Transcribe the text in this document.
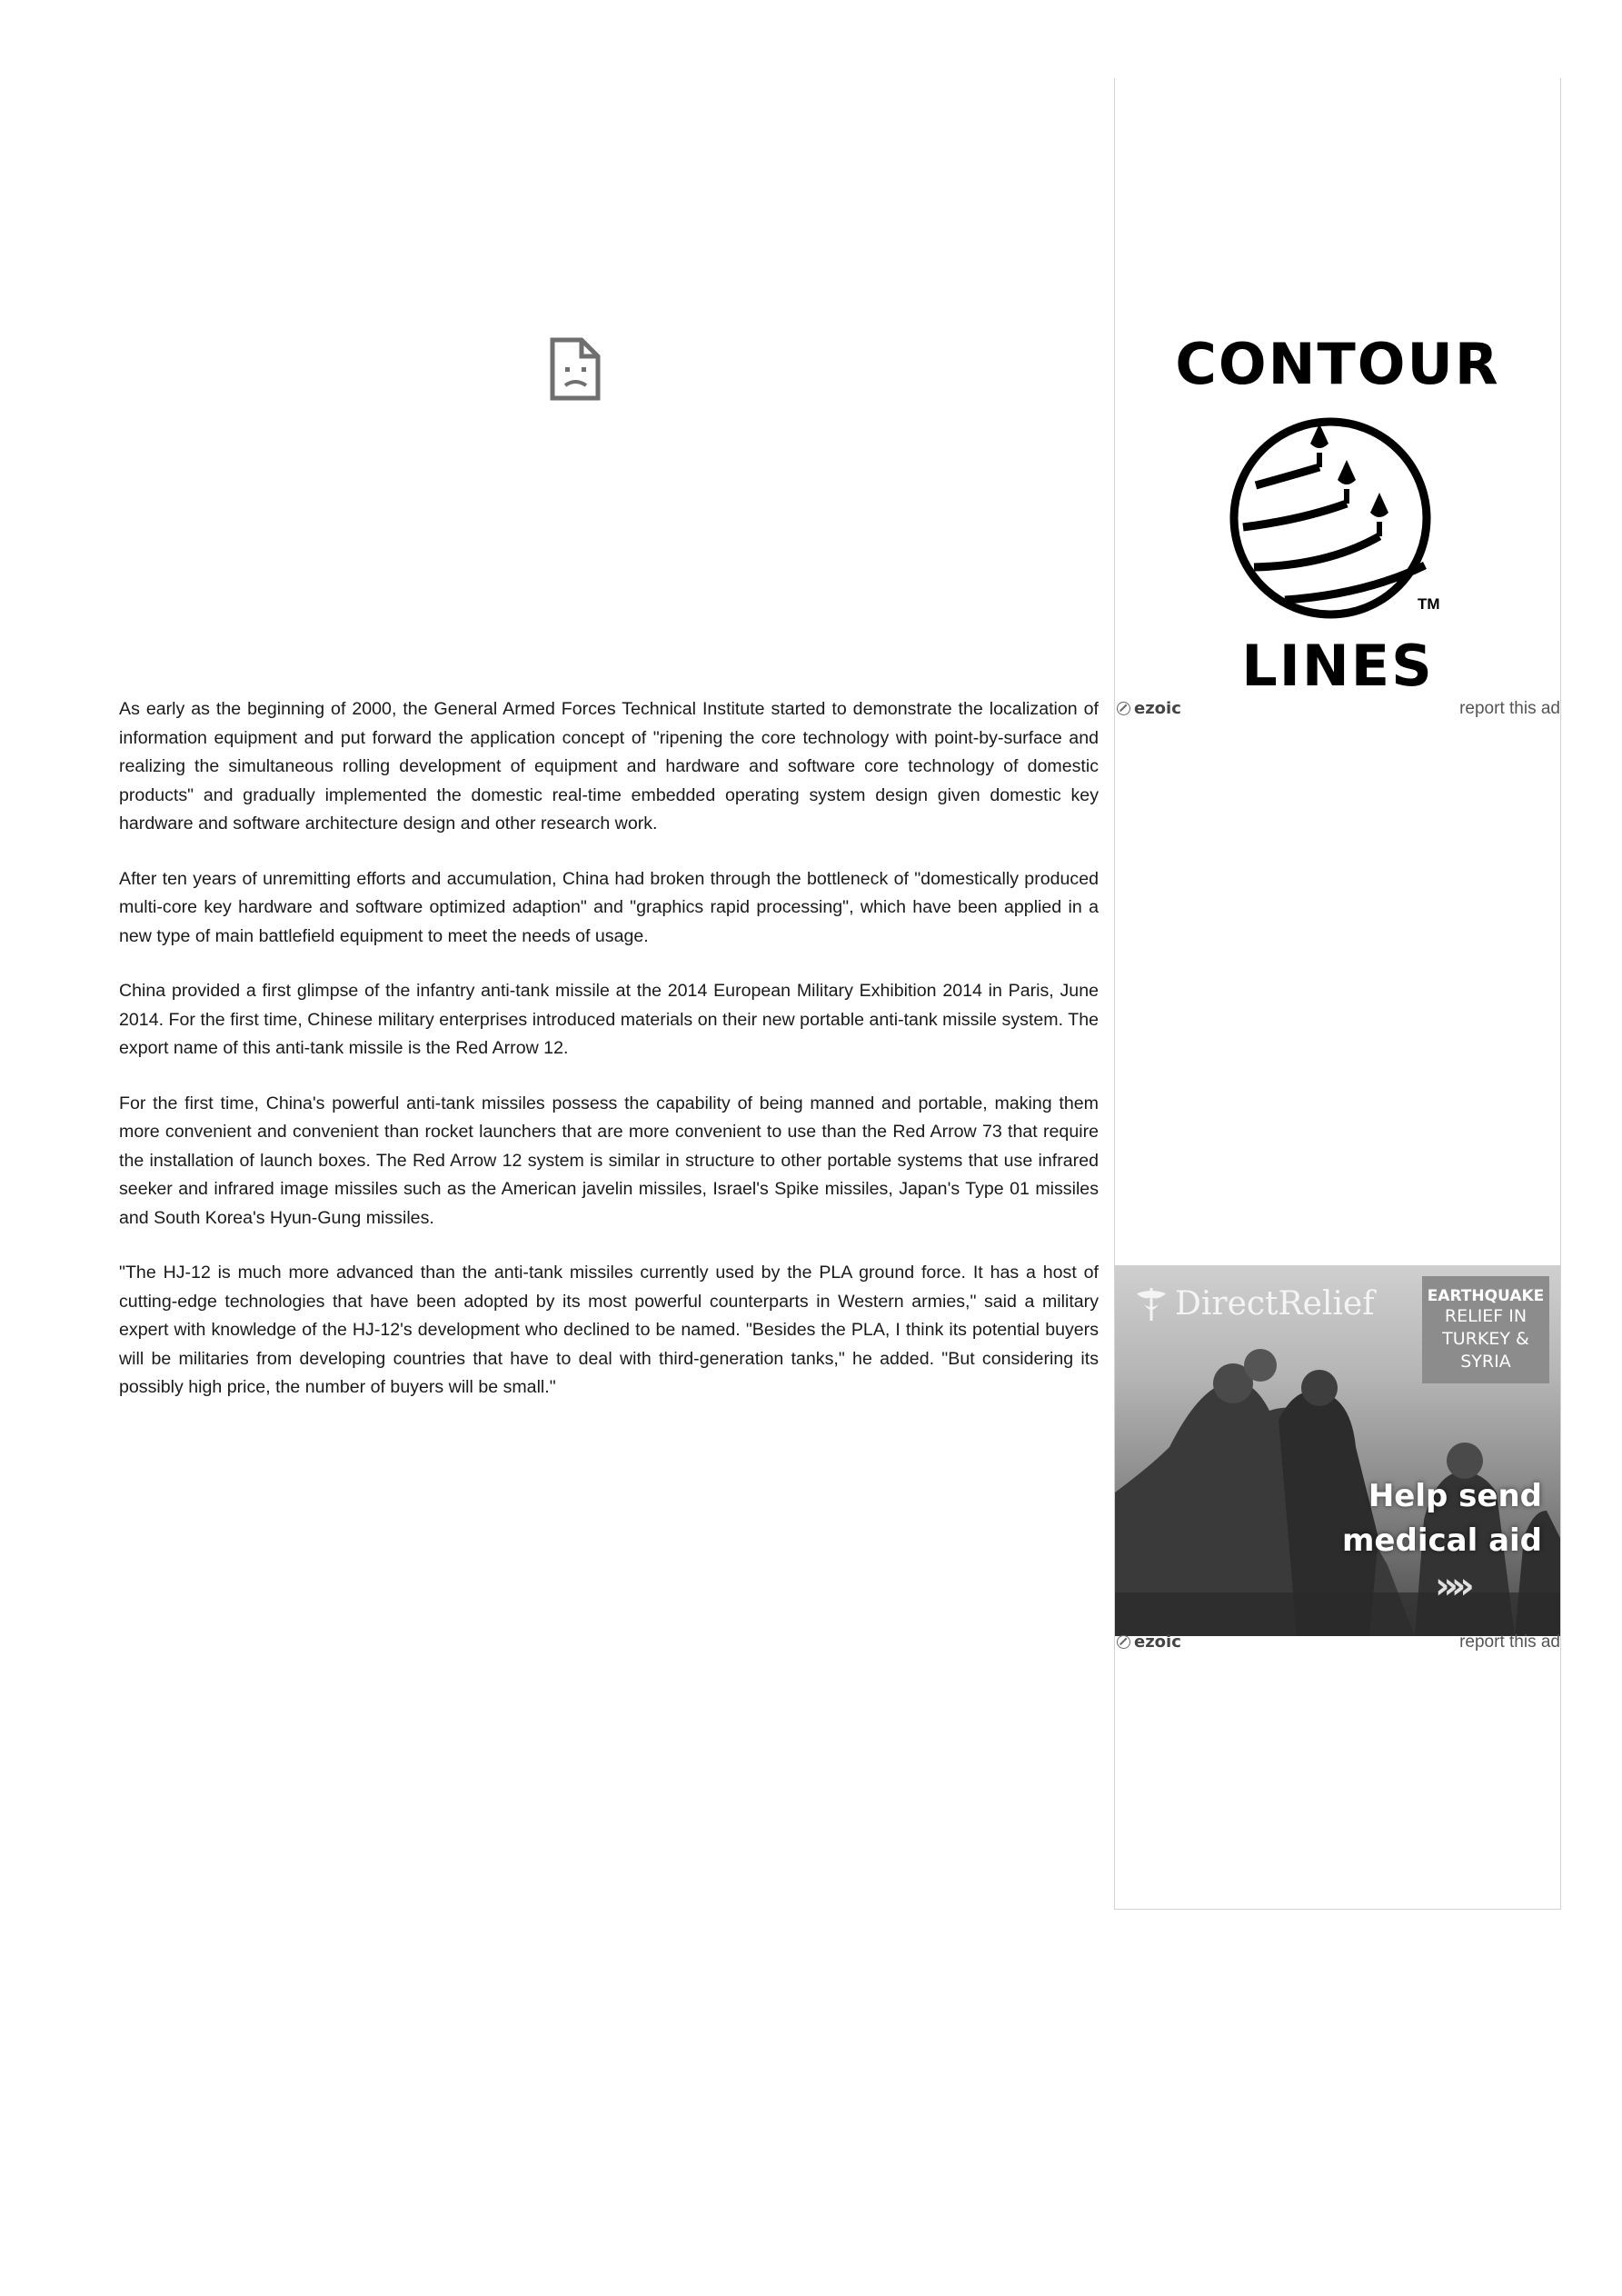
As early as the beginning of 2000, the General Armed Forces Technical Institute started to demonstrate the localization of information equipment and put forward the application concept of "ripening the core technology with point-by-surface and realizing the simultaneous rolling development of equipment and hardware and software core technology of domestic products" and gradually implemented the domestic real-time embedded operating system design given domestic key hardware and software architecture design and other research work.

After ten years of unremitting efforts and accumulation, China had broken through the bottleneck of "domestically produced multi-core key hardware and software optimized adaption" and "graphics rapid processing", which have been applied in a new type of main battlefield equipment to meet the needs of usage.

China provided a first glimpse of the infantry anti-tank missile at the 2014 European Military Exhibition 2014 in Paris, June 2014. For the first time, Chinese military enterprises introduced materials on their new portable anti-tank missile system. The export name of this anti-tank missile is the Red Arrow 12.

For the first time, China's powerful anti-tank missiles possess the capability of being manned and portable, making them more convenient and convenient than rocket launchers that are more convenient to use than the Red Arrow 73 that require the installation of launch boxes. The Red Arrow 12 system is similar in structure to other portable systems that use infrared seeker and infrared image missiles such as the American javelin missiles, Israel's Spike missiles, Japan's Type 01 missiles and South Korea's Hyun-Gung missiles.

"The HJ-12 is much more advanced than the anti-tank missiles currently used by the PLA ground force. It has a host of cutting-edge technologies that have been adopted by its most powerful counterparts in Western armies," said a military expert with knowledge of the HJ-12's development who declined to be named. "Besides the PLA, I think its potential buyers will be militaries from developing countries that have to deal with third-generation tanks," he added. "But considering its possibly high price, the number of buyers will be small."

CONTOUR
TM
LINES
ezoic	report this ad
DirectRelief	EARTHQUAKE
RELIEF IN
TURKEY &
SYRIA
Help send
medical aid
»»
ezoic	report this ad
